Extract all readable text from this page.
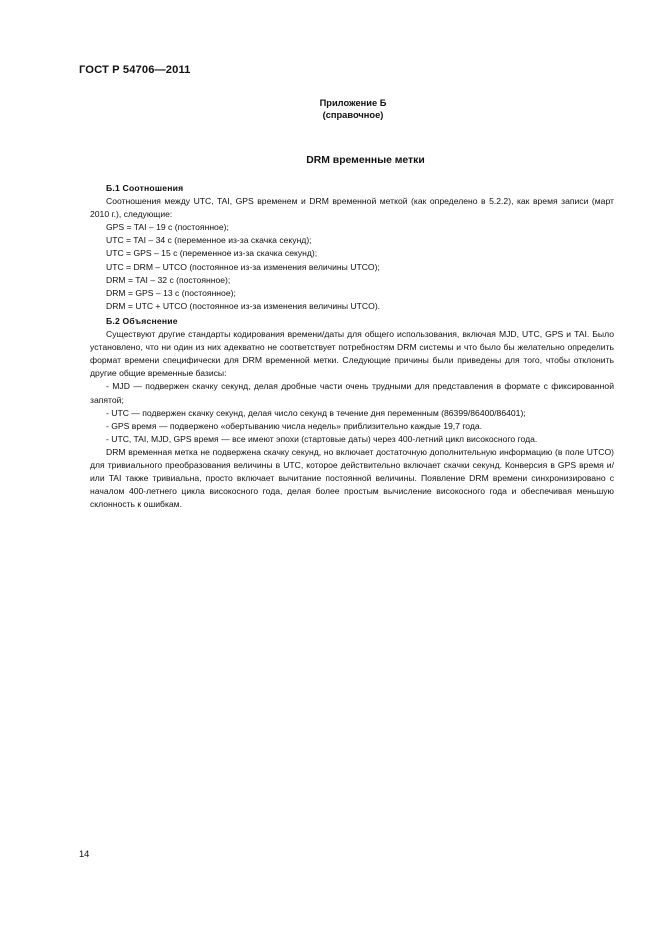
ГОСТ Р 54706—2011
Приложение Б
(справочное)
DRM временные метки
Б.1 Соотношения

Соотношения между UTC, TAI, GPS временем и DRM временной меткой (как определено в 5.2.2), как время записи (март 2010 г.), следующие:

GPS = TAI – 19 с (постоянное);
UTC = TAI – 34 с (переменное из-за скачка секунд);
UTC = GPS – 15 с (переменное из-за скачка секунд);
UTC = DRM – UTCO (постоянное из-за изменения величины UTCO);
DRM = TAI – 32 с (постоянное);
DRM = GPS – 13 с (постоянное);
DRM = UTC + UTCO (постоянное из-за изменения величины UTCO).
Б.2 Объяснение

Существуют другие стандарты кодирования времени/даты для общего использования, включая MJD, UTC, GPS и TAI. Было установлено, что ни один из них адекватно не соответствует потребностям DRM системы и что было бы желательно определить формат времени специфически для DRM временной метки. Следующие причины были приведены для того, чтобы отклонить другие общие временные базисы:

- MJD — подвержен скачку секунд, делая дробные части очень трудными для представления в формате с фиксированной запятой;

- UTC — подвержен скачку секунд, делая число секунд в течение дня переменным (86399/86400/86401);

- GPS время — подвержено «обертыванию числа недель» приблизительно каждые 19,7 года.

- UTC, TAI, MJD, GPS время — все имеют эпохи (стартовые даты) через 400-летний цикл високосного года.

DRM временная метка не подвержена скачку секунд, но включает достаточную дополнительную информацию (в поле UTCO) для тривиального преобразования величины в UTC, которое действительно включает скачки секунд. Конверсия в GPS время и/или TAI также тривиальна, просто включает вычитание постоянной величины. Появление DRM времени синхронизировано с началом 400-летнего цикла високосного года, делая более простым вычисление високосного года и обеспечивая меньшую склонность к ошибкам.

14
